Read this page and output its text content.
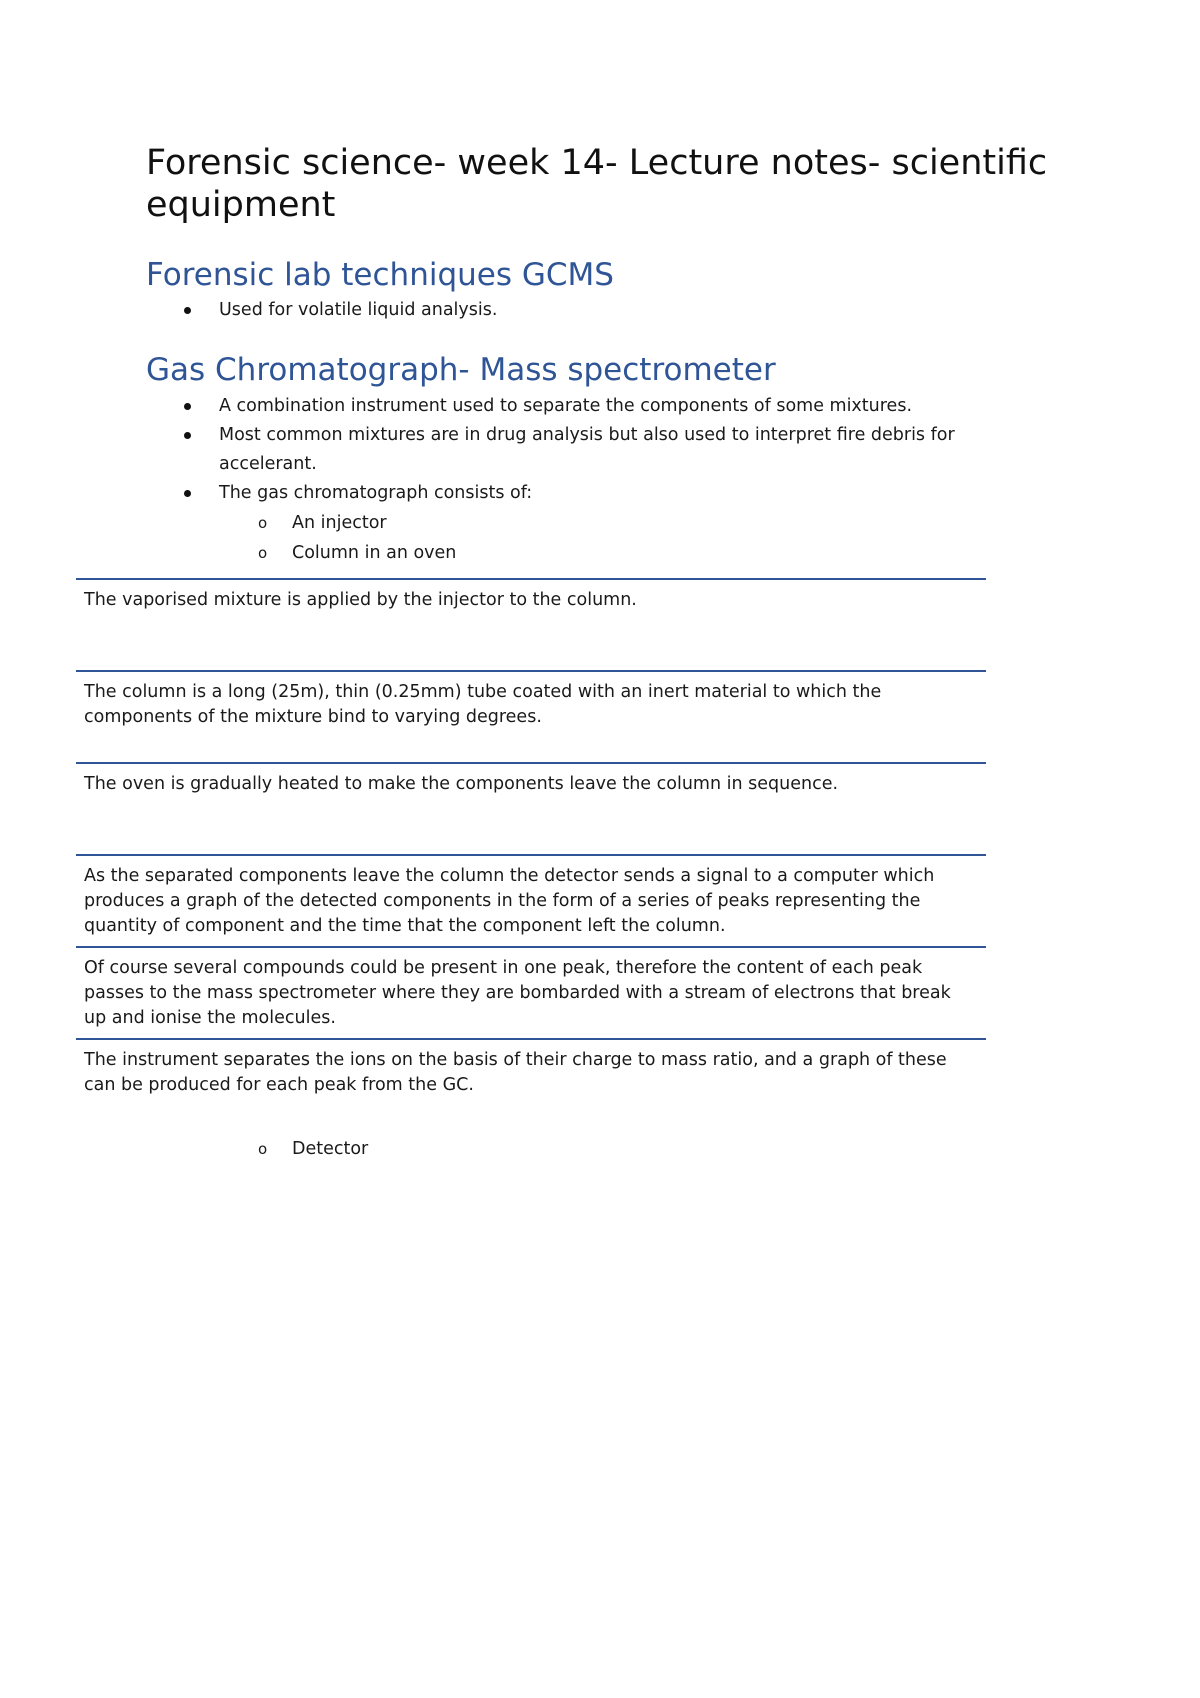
Forensic science- week 14- Lecture notes- scientific equipment
Forensic lab techniques GCMS
Used for volatile liquid analysis.
Gas Chromatograph- Mass spectrometer
A combination instrument used to separate the components of some mixtures.
Most common mixtures are in drug analysis but also used to interpret fire debris for accelerant.
The gas chromatograph consists of:
o An injector
o Column in an oven
The vaporised mixture is applied by the injector to the column.
The column is a long (25m), thin (0.25mm) tube coated with an inert material to which the components of the mixture bind to varying degrees.
The oven is gradually heated to make the components leave the column in sequence.
As the separated components leave the column the detector sends a signal to a computer which produces a graph of the detected components in the form of a series of peaks representing the quantity of component and the time that the component left the column.
Of course several compounds could be present in one peak, therefore the content of each peak passes to the mass spectrometer where they are bombarded with a stream of electrons that break up and ionise the molecules.
The instrument separates the ions on the basis of their charge to mass ratio, and a graph of these can be produced for each peak from the GC.
o Detector
